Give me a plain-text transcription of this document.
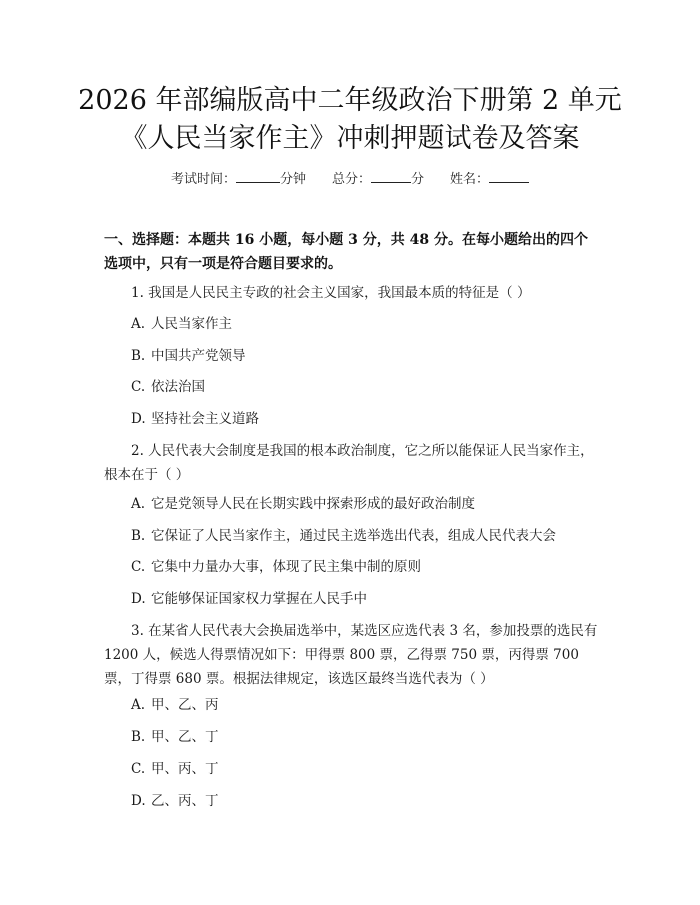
2026 年部编版高中二年级政治下册第 2 单元
《人民当家作主》冲刺押题试卷及答案
考试时间：	分钟 总分：	分 姓名：
一、选择题：本题共 16 小题，每小题 3 分，共 48 分。在每小题给出的四个选项中，只有一项是符合题目要求的。

1. 我国是人民民主专政的社会主义国家，我国最本质的特征是（ ）

A. 人民当家作主
B. 中国共产党领导
C. 依法治国
D. 坚持社会主义道路

2. 人民代表大会制度是我国的根本政治制度，它之所以能保证人民当家作主，根本在于（ ）

A. 它是党领导人民在长期实践中探索形成的最好政治制度
B. 它保证了人民当家作主，通过民主选举选出代表，组成人民代表大会
C. 它集中力量办大事，体现了民主集中制的原则
D. 它能够保证国家权力掌握在人民手中

3. 在某省人民代表大会换届选举中，某选区应选代表 3 名，参加投票的选民有 1200 人，候选人得票情况如下：甲得票 800 票，乙得票 750 票，丙得票 700 票，丁得票 680 票。根据法律规定，该选区最终当选代表为（ ）

A. 甲、乙、丙
B. 甲、乙、丁
C. 甲、丙、丁
D. 乙、丙、丁
